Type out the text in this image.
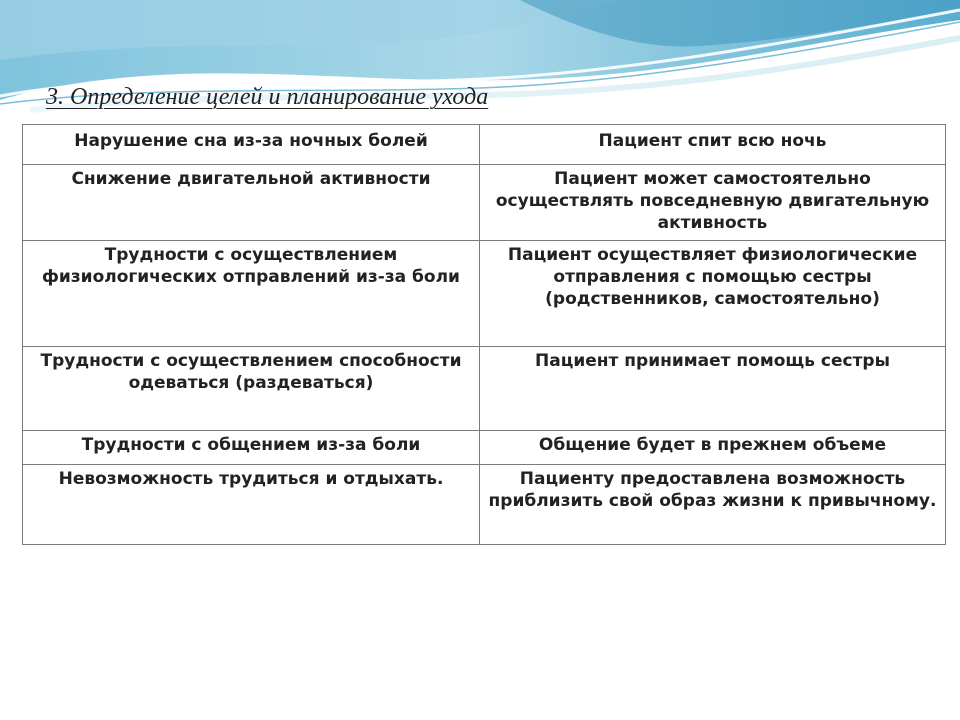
3. Определение целей и планирование ухода
Нарушение сна из-за ночных болей	Пациент спит всю ночь
Снижение двигательной активности	Пациент может самостоятельно осуществлять повседневную двигательную активность
Трудности с осуществлением физиологических отправлений из-за боли	Пациент осуществляет физиологические отправления с помощью сестры (родственников, самостоятельно)
Трудности с осуществлением способности одеваться (раздеваться)	Пациент принимает помощь сестры
Трудности с общением из-за боли	Общение будет в прежнем объеме
Невозможность трудиться и отдыхать.	Пациенту предоставлена возможность приблизить свой образ жизни к привычному.
